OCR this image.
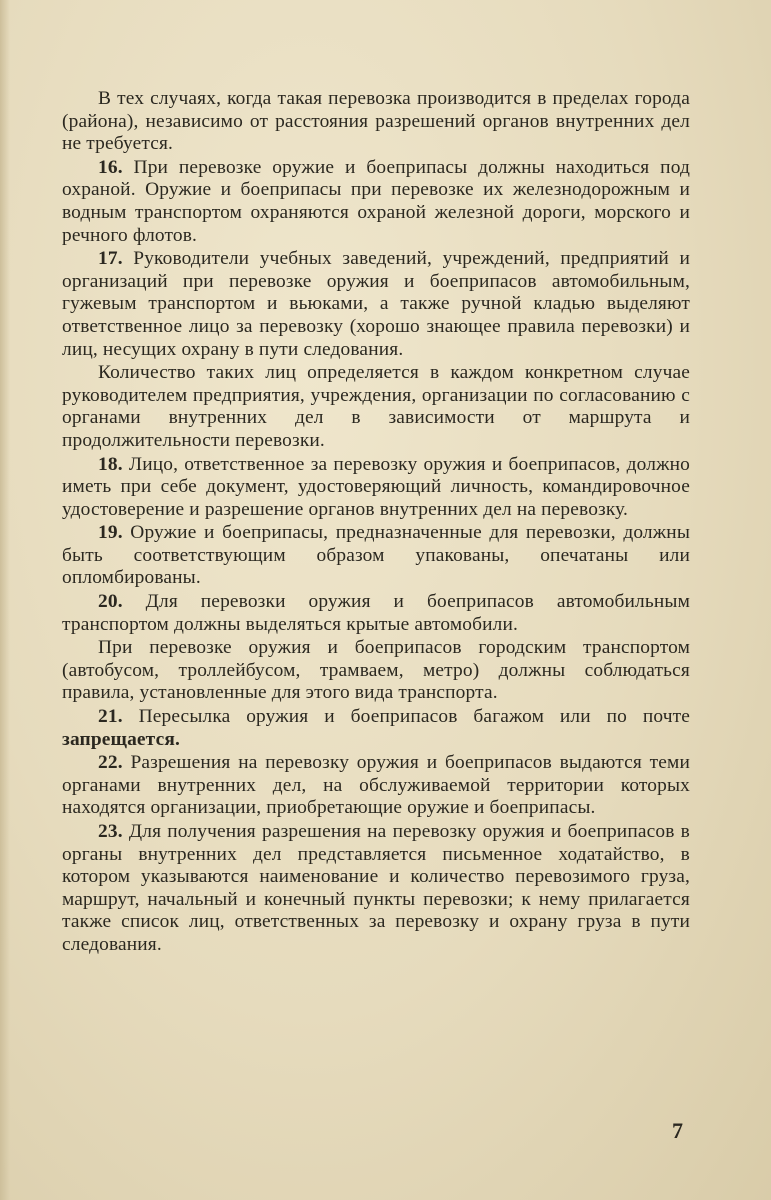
В тех случаях, когда такая перевозка производится в пределах города (района), независимо от расстояния разрешений органов внутренних дел не требуется.

16. При перевозке оружие и боеприпасы должны находиться под охраной. Оружие и боеприпасы при перевозке их железнодорожным и водным транспортом охраняются охраной железной дороги, морского и речного флотов.

17. Руководители учебных заведений, учреждений, предприятий и организаций при перевозке оружия и боеприпасов автомобильным, гужевым транспортом и вьюками, а также ручной кладью выделяют ответственное лицо за перевозку (хорошо знающее правила перевозки) и лиц, несущих охрану в пути следования.

Количество таких лиц определяется в каждом конкретном случае руководителем предприятия, учреждения, организации по согласованию с органами внутренних дел в зависимости от маршрута и продолжительности перевозки.

18. Лицо, ответственное за перевозку оружия и боеприпасов, должно иметь при себе документ, удостоверяющий личность, командировочное удостоверение и разрешение органов внутренних дел на перевозку.

19. Оружие и боеприпасы, предназначенные для перевозки, должны быть соответствующим образом упакованы, опечатаны или опломбированы.

20. Для перевозки оружия и боеприпасов автомобильным транспортом должны выделяться крытые автомобили.

При перевозке оружия и боеприпасов городским транспортом (автобусом, троллейбусом, трамваем, метро) должны соблюдаться правила, установленные для этого вида транспорта.

21. Пересылка оружия и боеприпасов багажом или по почте запрещается.

22. Разрешения на перевозку оружия и боеприпасов выдаются теми органами внутренних дел, на обслуживаемой территории которых находятся организации, приобретающие оружие и боеприпасы.

23. Для получения разрешения на перевозку оружия и боеприпасов в органы внутренних дел представляется письменное ходатайство, в котором указываются наименование и количество перевозимого груза, маршрут, начальный и конечный пункты перевозки; к нему прилагается также список лиц, ответственных за перевозку и охрану груза в пути следования.

7
